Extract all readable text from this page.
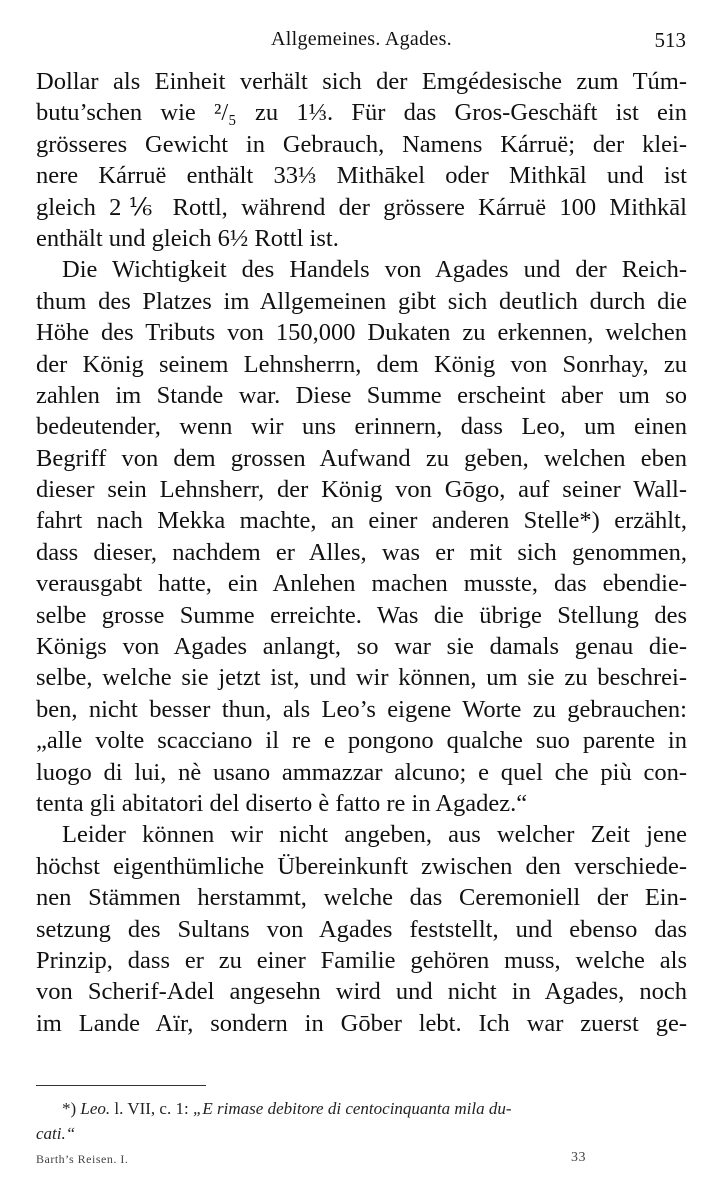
Allgemeines. Agades.	513
Dollar als Einheit verhält sich der Emgédesische zum Túm-
butu’schen wie ²/₅ zu 1⅓. Für das Gros-Geschäft ist ein
grösseres Gewicht in Gebrauch, Namens Kárruë; der klei-
nere Kárruë enthält 33⅓ Mithākel oder Mithkāl und ist
gleich 2⅙ Rottl, während der grössere Kárruë 100 Mithkāl
enthält und gleich 6½ Rottl ist.
Die Wichtigkeit des Handels von Agades und der Reich-
thum des Platzes im Allgemeinen gibt sich deutlich durch die
Höhe des Tributs von 150,000 Dukaten zu erkennen, welchen
der König seinem Lehnsherrn, dem König von Sonrhay, zu
zahlen im Stande war. Diese Summe erscheint aber um so
bedeutender, wenn wir uns erinnern, dass Leo, um einen
Begriff von dem grossen Aufwand zu geben, welchen eben
dieser sein Lehnsherr, der König von Gōgo, auf seiner Wall-
fahrt nach Mekka machte, an einer anderen Stelle*) erzählt,
dass dieser, nachdem er Alles, was er mit sich genommen,
verausgabt hatte, ein Anlehen machen musste, das ebendie-
selbe grosse Summe erreichte. Was die übrige Stellung des
Königs von Agades anlangt, so war sie damals genau die-
selbe, welche sie jetzt ist, und wir können, um sie zu beschrei-
ben, nicht besser thun, als Leo’s eigene Worte zu gebrauchen:
„alle volte scacciano il re e pongono qualche suo parente in
luogo di lui, nè usano ammazzar alcuno; e quel che più con-
tenta gli abitatori del diserto è fatto re in Agadez.“
Leider können wir nicht angeben, aus welcher Zeit jene
höchst eigenthümliche Übereinkunft zwischen den verschiede-
nen Stämmen herstammt, welche das Ceremoniell der Ein-
setzung des Sultans von Agades feststellt, und ebenso das
Prinzip, dass er zu einer Familie gehören muss, welche als
von Scherif-Adel angesehn wird und nicht in Agades, noch
im Lande Aïr, sondern in Gōber lebt. Ich war zuerst ge-
*) Leo. l. VII, c. 1: „E rimase debitore di centocinquanta mila du-
cati.“
Barth’s Reisen. I.	33
